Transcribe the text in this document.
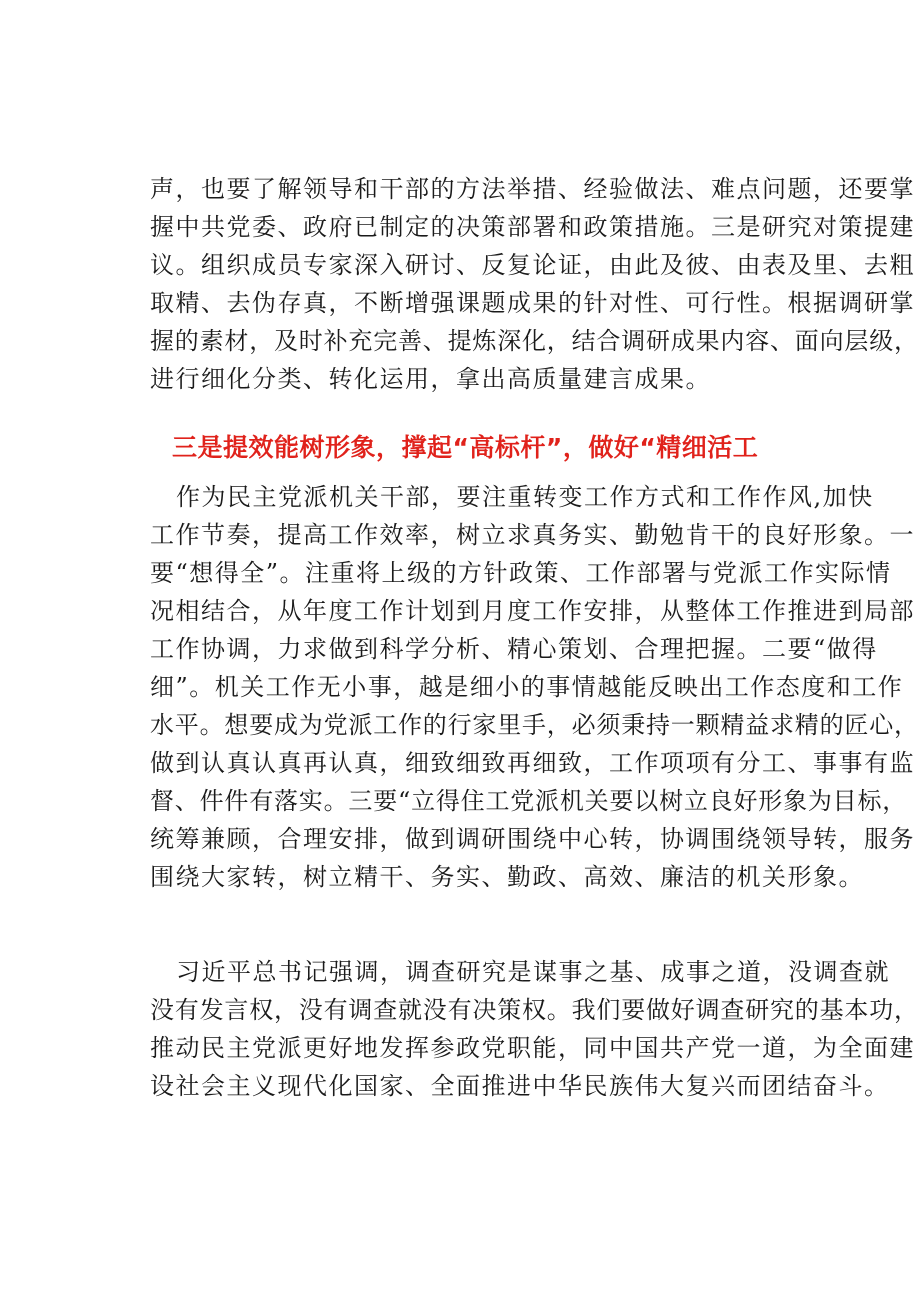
声，也要了解领导和干部的方法举措、经验做法、难点问题，还要掌
握中共党委、政府已制定的决策部署和政策措施。三是研究对策提建
议。组织成员专家深入研讨、反复论证，由此及彼、由表及里、去粗
取精、去伪存真，不断增强课题成果的针对性、可行性。根据调研掌
握的素材，及时补充完善、提炼深化，结合调研成果内容、面向层级，
进行细化分类、转化运用，拿出高质量建言成果。
三是提效能树形象，撑起“高标杆”，做好“精细活工
作为民主党派机关干部，要注重转变工作方式和工作作风,加快
工作节奏，提高工作效率，树立求真务实、勤勉肯干的良好形象。一
要“想得全”。注重将上级的方针政策、工作部署与党派工作实际情
况相结合，从年度工作计划到月度工作安排，从整体工作推进到局部
工作协调，力求做到科学分析、精心策划、合理把握。二要“做得
细”。机关工作无小事，越是细小的事情越能反映出工作态度和工作
水平。想要成为党派工作的行家里手，必须秉持一颗精益求精的匠心，
做到认真认真再认真，细致细致再细致，工作项项有分工、事事有监
督、件件有落实。三要“立得住工党派机关要以树立良好形象为目标，
统筹兼顾，合理安排，做到调研围绕中心转，协调围绕领导转，服务
围绕大家转，树立精干、务实、勤政、高效、廉洁的机关形象。
习近平总书记强调，调查研究是谋事之基、成事之道，没调查就
没有发言权，没有调查就没有决策权。我们要做好调查研究的基本功，
推动民主党派更好地发挥参政党职能，同中国共产党一道，为全面建
设社会主义现代化国家、全面推进中华民族伟大复兴而团结奋斗。
